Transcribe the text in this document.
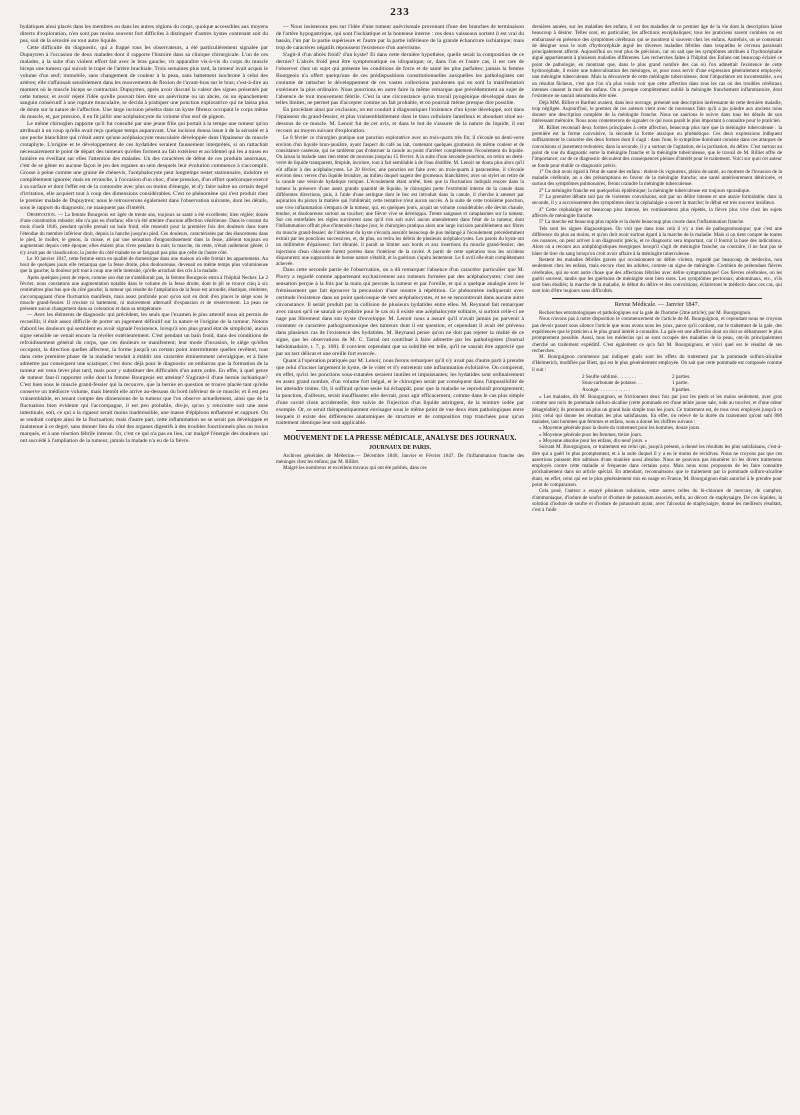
233

hydatiques ainsi placés dans les membres ou dans les autres régions du corps, quoique accessibles aux moyens directs d'exploration, n'en sont pas moins souvent fort difficiles à distinguer d'autres kystes contenant soit du pus, soit de la sérosité ou tout autre liquide.

Cette difficulté du diagnostic, qui a frappé tous les observateurs, a été particulièrement signalée par Dupuytren à l'occasion de deux malades dont il rapporte l'histoire dans sa clinique chirurgicale. L'un de ces malades, à la suite d'un violent effort fait avec le bras gauche, vit apparaître vis-à-vis du corps du muscle biceps une tumeur qui suivait le trajet de l'artère brachiale. Trois semaines plus tard, la tumeur avait acquis le volume d'un œuf; immobile, sans changement de couleur à la peau, sans battement isochrone à celui des artères; elle s'affaissait sensiblement dans les mouvements de flexion de l'avant-bras sur le bras; c'est-à-dire au moment où le muscle biceps se contractait. Dupuytren, après avoir discuté la valeur des signes présentés par cette tumeur, et avoir rejeté l'idée qu'elle pouvait bien être un anévrisme ou un abcès, ou un épanchement sanguin consécutif à une rupture musculaire, se décida à pratiquer une ponction exploratrice qui ne laissa plus de doute sur la nature de l'affection. Une large incision pénétra dans un kyste fibreux occupant le corps même du muscle, et, par pression, il en fit jaillir une acéphalocyste du volume d'un œuf de pigeon.

Le même chirurgien rapporte qu'il fut consulté par une jeune fille qui portait à la tempe une tumeur qu'on attribuait à un coup qu'elle avait reçu quelque temps auparavant. Une incision donna issue à de la sérosité et à une poche blanchâtre qui n'était autre qu'une acéphalocyste musculaire développée dans l'épaisseur du muscle crotaphyte. L'origine et le développement de ces hydatides seraient faussement interprétés, si on rattachait nécessairement le point de départ des tumeurs qu'elles forment au fait extérieur et accidentel qui les a mises en lumière en éveillant sur elles l'attention des malades. Un des caractères de début de ces produits anormaux, c'est de se gêner en aucune façon le jeu des organes au sein desquels leur évolution commence à s'accomplir. Grosse à peine comme une graine de chènevis, l'acéphalocyste peut longtemps rester stationnaire, indolore et complètement ignorée; mais en revanche, à l'occasion d'un choc, d'une pression, d'un effort quelconque exercé à sa surface et dont l'effet est de la contondre avec plus ou moins d'énergie, et d'y faire naître un certain degré d'irritation, elle acquiert tout à coup des dimensions considérables. C'est ce phénomène qui s'est produit chez le premier malade de Dupuytren; nous le retrouverons également dans l'observation suivante, dont les détails, sous le rapport du diagnostic, ne manquent pas d'intérêt.

Observation. — La femme Bourgeois est âgée de trente ans, toujours sa santé a été excellente; bien réglée; douée d'une constitution robuste; elle n'a pas eu d'enfans; elle n'a été atteinte d'aucune affection vénérienne. Dans le courant du mois d'août 1846, pendant qu'elle prenait un bain froid, elle ressentit pour la première fois des douleurs dans toute l'étendue du membre inférieur droit, depuis la hanche jusqu'au pied. Ces douleurs, caractérisées par des élancemens dans le pied, le mollet, le genou, la cuisse, et par une sensation d'engourdissement dans la fesse, allèrent toujours en augmentant depuis cette époque; elles étaient plus vives pendant la nuit; la marche, du reste, n'était nullement gênée; il n'y avait pas de claudication; la jambe du côté malade ne se fatiguait pas plus que celle de l'autre côté.

Le 10 janvier 1847, cette femme entra en qualité de domestique dans une maison où elle frottait les appartemens. Au bout de quelques jours elle remarqua que la fesse droite, plus douloureuse, devenait en même temps plus volumineuse que la gauche; la douleur prit tout à coup une telle intensité, qu'elle arrachait des cris à la malade.

Après quelques jours de repos, comme son état ne s'améliorait pas, la femme Bourgeois entra à l'hôpital Necker. Le 2 février, nous constatons une augmentation notable dans le volume de la fesse droite, dont le pli se trouve cinq à six centimètres plus bas que du côté gauche; la tumeur qui résulte de l'ampliation de la fesse est arrondie, élastique, rénitente, s'accompagnant d'une fluctuation manifeste, mais assez profonde pour qu'on soit en droit d'en placer le siège sous le muscle grand-fessier. Il n'existe ni battement, ni mouvement alternatif d'expansion et de resserrement. La peau ne présente aucun changement dans sa coloration et dans sa température.

— Avec les éléments de diagnostic qui précèdent, les seuls que l'examen le plus attentif nous ait permis de recueillir, il était assez difficile de porter un jugement définitif sur la nature et l'origine de la tumeur. Notons d'abord les douleurs qui semblent en avoir signalé l'existence, lorsqu'à son plus grand état de simplicité, aucun signe sensible ne venait encore la révéler extérieurement. C'est pendant un bain froid, dans des conditions de refroidissement général du corps, que ces douleurs se manifestent; leur mode d'invasion, le siège qu'elles occupent, la direction quelles affectent, la forme jusqu'à un certain point intermittente quelles revêtent, tout dans cette première phase de la maladie tendait à établir son caractère éminemment névralgique, et à faire admettre par conséquent une sciatique; c'est donc déjà pour le diagnostic un embarras que la formation de la tumeur est venu lever plus tard, mais pour y substituer des difficultés d'un autre ordre. En effet, à quel genre de tumeur faut-il rapporter celle dont la femme Bourgeois est atteinte? S'agirait-il d'une hernie ischiatique? C'est bien sous le muscle grand-fessier qui la recouvre, que la hernie en question se trouve placée tant qu'elle conserve un médiocre volume, mais bientôt elle arrive au-dessous du bord inférieur de ce muscle; et il est peu vraisemblable, en tenant compte des dimensions de la tumeur que l'on observe actuellement, ainsi que de la fluctuation bien évidente qui l'accompagne, il est peu probable, dis-je, qu'on y rencontre soit une anse intestinale, soit, ce qui a la rigueur serait moins inadmissible, une masse d'épiploon enflammé et suppuré. On se rendrait compte ainsi de la fluctuation; mais d'autre part, cette inflammation ne se serait pas développée et maintenue à ce degré, sans donner lieu du côté des organes digestifs à des troubles fonctionnels plus ou moins marqués, et à une réaction fébrile intense. Or, c'est ce qui n'a pas eu lieu, car malgré l'énergie des douleurs qui ont succédé à l'ampliation de la tumeur, jamais la malade n'a eu de la fièvre.

— Nous insisterons peu sur l'idée d'une tumeur anévrismale provenant d'une des branches de terminaison de l'artère hypogastrique, qui sont l'ischiatique et la honteuse interne : ces deux vaisseaux sortent il est vrai du bassin, l'un par la partie supérieure et l'autre par la partie inférieure de la grande échancrure ischiatique; mais trop de caractères négatifs repoussent l'existence d'un anévrisme.

S'agit-il d'un abcès froid? d'un kyste? Et dans cette dernière hypothèse, quelle serait la composition de ce dernier? L'abcès froid peut être symptomatique ou idiopatique; or, dans l'un et l'autre cas, il est rare de l'observer chez un sujet qui présente les conditions de force et de santé les plus parfaites; jamais la femme Bourgeois n'a offert quelqu'une de ces prédispositions constitutionnelles auxquelles les pathologistes ont coutume de rattacher le développement de ces vastes collections purulentes qui en sont la manifestation extérieure la plus ordinaire. Nous pourrions en outre faire la même remarque que précédemment au sujet de l'absence de tout mouvement fébrile. C'est la une circonstance qu'un travail pyogénique développé dans de telles limites, ne permet pas d'accepter comme un fait probable, et on pourrait même presque dire possible.

En procédant ainsi par exclusion, on est conduit à diagnostiquer l'existence d'un kyste développé, soit dans l'épaisseur du grand-fessier, et plus vraisemblablement dans le tissu cellulaire lamelleux et abondant situé au-dessous de ce muscle. M. Lenoir fut de cet avis, et dans le but de s'assurer de la nature du liquide, il eut recours au moyen suivant d'exploration.

Le 8 février ce chirurgien pratique une ponction exploratrice avec un trois-quarts très fin; il s'écoule un demi-verre environ d'un liquide brun-jaunâtre, ayant l'aspect du café au lait, contenant quelques grumeaux de même couleur et de consistance caséeuse, qui ne tardèrent pas d'obstruer la canule au point d'arrêter complètement l'écoulement du liquide. On laissa la malade sans rien tenter de nouveau jusqu'au 15 février. A la suite d'une seconde ponction, on retira un demi-verre de liquide transparent, limpide, incolore, tout à fait semblable à de l'eau distillée. M. Lenoir ne douta plus alors qu'il eût affaire à des acéphalocystes. Le 20 février, une ponction est faite avec un trois-quarts à paracentèse, il s'écoule environ deux verres d'un liquide brunâtre, au milieu duquel nagent des grumeaux blanchâtres; avec un stylet on retire de la canule une vésicule hydatique rompue. L'écoulement étant arrêté, bien que la fluctuation indiquât encore dans la tumeur la présence d'une assez grande quantité de liquide, le chirurgien porte l'extrémité interne de la canule dans différentes directions, puis, à l'aide d'une seringue dont le bec est introduit dans la canule, il cherche à amener par aspiration du piston la matière qui l'oblitérait; cette tentative n'eut aucun succès. A la suite de cette troisième ponction, une vive inflammation s'empara de la tumeur, qui, en quelques jours, acquit un volume considérable; elle devint chaude, tendue, et douloureuse surtout au toucher; une fièvre vive se développa. Trente sangsues et cataplasmes sur la tumeur. Sur ces entrefaites les règles survinrent sans qu'il s'en soit suivi aucun amendement dans l'état de la tumeur, dont l'inflammation offrait plus d'intensité chaque jour, le chirurgien pratiqua alors une large incision parallèlement aux fibres du muscle grand-fessier; de l'intérieur du kyste s'écoula aussitôt beaucoup de pus mélangé à l'écoulement précédemment extrait par les ponctions successives, et, de plus, on retira les débris de plusieurs acéphalocystes. Les parois du kyste ont un millimètre d'épaisseur; fort ébranlé, il paraît se limiter aux bords et aux insertions du muscle grand-fessier; des injections d'eau chlorurée furent portées dans l'intérieur de la cavité. A partir de cette opération tous les accidens disparurent; une suppuration de bonne nature s'établit, et la guérison s'opéra lentement. Le 6 avril elle était complètement achevée.

Dans cette seconde partie de l'observation, on a dû remarquer l'absence d'un caractère particulier que M. Piorry a regardé comme appartenant exclusivement aux tumeurs formées par des acéphalocystes; c'est une sensation perçue à la fois par la main qui percute la tumeur et par l'oreille, et qui a quelque analogie avec le frémissement que fait éprouver la percussion d'une montre à répétition. Ce phénomène indiquerait avec certitude l'existence dans un point quelconque de vers acéphalocystes, et ne se rencontrerait dans aucune autre circonstance. Il serait produit par la collision de plusieurs hydatides entre elles. M. Reynaud fait remarquer avec raison qu'il ne saurait se produire pour le cas où il existe une acéphalocyste solitaire, si surtout celle-ci ne nage pas librement dans son kyste d'enveloppe. M. Lenoir nous a assuré qu'il n'avait jamais pu parvenir à constater ce caractère pathognomonique des tumeurs dont il est question, et cependant il avait été prévenu dans plusieurs cas de l'existence des hydatides. M. Reynaud pense qu'on ne doit pas rejeter la réalité de ce signe, que les observations de M. C. Tarral ont contribué à faire admettre par les pathologistes (Journal hebdomadaire, t. 7, p. 108). Il convient cependant que sa subtilité est telle, qu'il ne saurait être apprécié que par un tact délicat et une oreille fort exercée.

Quant à l'opération pratiquée par M. Lenoir, nous ferons remarquer qu'il n'y avait pas d'autre parti à prendre que celui d'inciser largement le kyste, de le vider et d'y entretenir une inflammation exfoliative. On comprend, en effet, qu'ici les ponctions sous-cutanées seraient inutiles et impuissantes; les hydatides sont ordinairement en assez grand nombre, d'un volume fort inégal, et le chirurgien serait par conséquent dans l'impossibilité de les atteindre toutes. Or, il suffirait qu'une seule lui échappât, pour que la maladie se reproduisît promptement; la ponction, d'ailleurs, serait insuffisante; elle devrait, pour agir efficacement, comme dans le cas plus simple d'une cavité close accidentelle, être suivie de l'injection d'un liquide astringent, de la teinture iodée par exemple. Or, ce serait thérapeutiquement envisager sous le même point de vue deux états pathologiques entre lesquels il existe des différences anatomiques de structure et de composition trop tranchées pour qu'un traitement identique leur soit applicable.

MOUVEMENT DE LA PRESSE MÉDICALE, ANALYSE DES JOURNAUX.
JOURNAUX DE PARIS.

Archives générales de Médecine.— Décembre 1846; Janvier et Février 1847. De l'inflammation franche des méninges chez les enfans; par M. Rilliet.

Malgré les nombreux et excellens travaux qui ont été publiés, dans ces

dernières années, sur les maladies des enfans, il est des maladies de ce premier âge de la vie dont la description laisse beaucoup à désirer. Telles sont, en particulier, les affections encéphaliques; tous les praticiens savent combien on est embarrassé en présence des symptômes cérébraux qui se montrent si souvent chez les enfans. Autrefois, on se contentait de désigner sous le nom d'hydrocéphale aiguë les diverses maladies fébriles dans lesquelles le cerveau paraissait principalement affecté. Aujourd'hui on veut plus de précision, car on sait que les symptômes attribués à l'hydrocéphalie aiguë appartiennent à plusieurs maladies différentes. Les recherches faites à l'hôpital des Enfans ont beaucoup éclairé ce point de pathologie, en montrant que, dans le plus grand nombre des cas où l'on admettait l'existence de cette hydrocéphale, il existe une tuberculisation des méninges, or, pour nous servir d'une expression généralement employée, une méningite tuberculeuse. Mais la découverte de cette méningite tuberculeuse, dont l'importance est incontestable, a eu un résultat fâcheux, c'est que l'on n'a plus voulu voir que cette affection dans tous les cas où des troubles cérébraux intenses causent la mort des enfans. On a presque complètement oublié la méningite franchement inflammatoire, dont l'existence ne saurait néanmoins être niée.

Déjà MM. Rilliet et Barthez avaient, dans leur ouvrage, présenté une description intéressante de cette dernière maladie, trop négligée. Aujourd'hui, le premier de ces auteurs vient avec de nouveaux faits qu'il a pu joindre aux anciens nous donner une description complète de la méningite franche. Nous ne saurions le suivre dans tous les détails de son intéressant mémoire. Nous nous contenterons de signaler ce qui nous paraît le plus important à connaître pour le praticien.

M. Rilliet reconnaît deux formes principales à cette affection, beaucoup plus rare que la méningite tuberculeuse : la première est la forme convulsive, la seconde la forme ataxique ou phrénétique. Ces deux expressions indiquent suffisamment le caractère des deux formes dont il s'agit : dans l'une, le symptôme dominant consiste dans ces attaques de convulsions si justement redoutées; dans la seconde, il y a surtout de l'agitation, de la jactitation, du délire. C'est surtout au point de vue du diagnostic entre la méningite franche et la méningite tuberculeuse, que le travail de M. Rilliet offre de l'importance; car de ce diagnostic découlent des conséquences pleines d'intérêt pour le traitement. Voici sur quoi cet auteur se fonde pour établir ce diagnostic précis.

1° On doit avoir égard à l'état de santé des enfans : étalent-ils vigoureux, pleins de santé, au moment de l'invasion de la maladie cérébrale, on a des présomptions en faveur de la méningite franche; une santé antérieurement détériorée, et surtout des symptômes pulmonaires, feront craindre la méningite tuberculeuse.

2° La méningite franche est quelquefois épidémique; la méningite tuberculeuse est toujours sporadique.

3° La première débute soit par de violentes convulsions, soit par un délire intense et une ataxie formidable; dans la seconde, il y a accroissement des symptômes dont la céphalalgie a ouvert la marche; le début est très souvent insidieux.

4° Cette céphalalgie est beaucoup plus intense, les vomissemens plus répétés, la fièvre plus vive chez les sujets affectés de méningite franche.

5° La marche est beaucoup plus rapide et la durée beaucoup plus courte dans l'inflammation franche.

Tels sont les signes diagnostiques. On voit que dans tous celà il n'y a rien de pathognomonique; que c'est une différence du plus au moins, et qu'on doit avoir surtout égard à la marche de la maladie. Mais si on tient compte de toutes ces nuances, on peut arriver à un diagnostic précis, et ce diagnostic sera important, car il fournit la base des indications. Alors on a recours aux antiphlogistiques énergiques lorsqu'il s'agit de méningite franche; au contraire, il ne faut pas se hâter de tirer du sang lorsqu'on croit avoir affaire à la méningite tuberculeuse.

Restent les maladies fébriles graves qui occasionnent un délire violent, regardé par beaucoup de médecins, non seulement chez les enfans, mais encore chez les adultes, comme un signe de méningite. Combien de prétendues fièvres cérébrales, qui ne sont autre chose que des affections fébriles avec délire symptomatique! Ces fièvres cérébrales, on les guérit souvent, tandis que les guérisons de méningite sont bien rares. Les symptômes pectoraux, abdominaux, etc., s'ils sont bien étudiés; la marche de la maladie, le début du délire et des convulsions, éclaireront le médecin dans ces cas, qui sont loin d'être toujours sans difficultés.

Revue Médicale. — Janvier 1847.

Recherches entomologiques et pathologiques sur la gale de l'homme (2me article); par M. Bourguignon.

Nous n'avons pas à notre disposition le commencement de l'article de M. Bourguignon, et cependant nous ne croyons pas devoir passer sous silence l'article que nous avons sous les yeux, parce qu'il contient, sur le traitement de la gale, des expériences que le praticien a le plus grand intérêt à connaître. La gale est une affection dont on doit se débarrasser le plus promptement possible. Aussi, tous les médecins qui se sont occupés des maladies de la peau, ont-ils principalement cherché un traitement expéditif. C'est également ce qu'a fait M. Bourguignon; et voici quel est le résultat de ses recherches.

M. Bourguignon commence par indiquer quels sont les effets du traitement par la pommade sulfuro-alcaline d'Helmerich, modifiée par Biett, qui est le plus généralement employée. On sait que cette pommade est composée comme il suit :

2 Soufre sublimé. . . . . . . .	2 parties.
Sous-carbonate de potasse. . .	1 partie.
Axonge. . . . . . . . . . . . .	8 parties.

« Les malades, dit M. Bourguignon, se frictionnent deux fois par jour les pieds et les mains seulement, avec gros comme une noix de pommade sulfuro-alcaline (cette pommade est d'une teinte jaune sale, rude au toucher, et d'une odeur désagréable); ils prennent un plus un grand bain simple tous les jours. Ce traitement est, de tous ceux employés jusqu'à ce jour, celui qui donne les résultats les plus satisfaisans. En effet, on relevé de la durée du traitement qu'ont subi 800 malades, tant hommes que femmes et enfans, nous a donné les chiffres suivans :

» Moyenne générale pour la durée du traitement pour les hommes, douze jours.

» Moyenne générale pour les femmes, treize jours.

» Moyenne absolue pour les enfans, dix-neuf jours. »

Suivant M. Bourguignon, ce traitement est celui qui, jusqu'à présent, a donné les résultats les plus satisfaisans, c'est-à-dire qui a guéri le plus promptement, et à la suite duquel il y a eu le moins de récidives. Nous ne croyons pas que ces assertions puissent être admises d'une manière aussi absolue. Nous ne pouvons pas énumérer ici les divers traitemens employés contre cette maladie si fréquente dans certains pays. Mais nous nous proposons de les faire connaître prochainement dans un article spécial. En attendant, reconnaissons que le traitement par la pommade sulfuro-alcaline étant, en effet, celui qui est le plus généralement mis en usage en France, M. Bourguignon était autorisé à le prendre pour point de comparaison.

Cela posé, l'auteur a essayé plusieurs solutions, entre autres celles du bi-chlorure de mercure, de camphre, d'ammoniaque, d'iodure de soufre et d'iodure de potassium associés, enfin, au décoct de staphysaigre. De ces liquides, la solution d'iodure de soufre et d'iodure de potassium ayant, avec l'alcoolat de staphysaigre, donné les meilleurs résultats, c'est à l'aide
